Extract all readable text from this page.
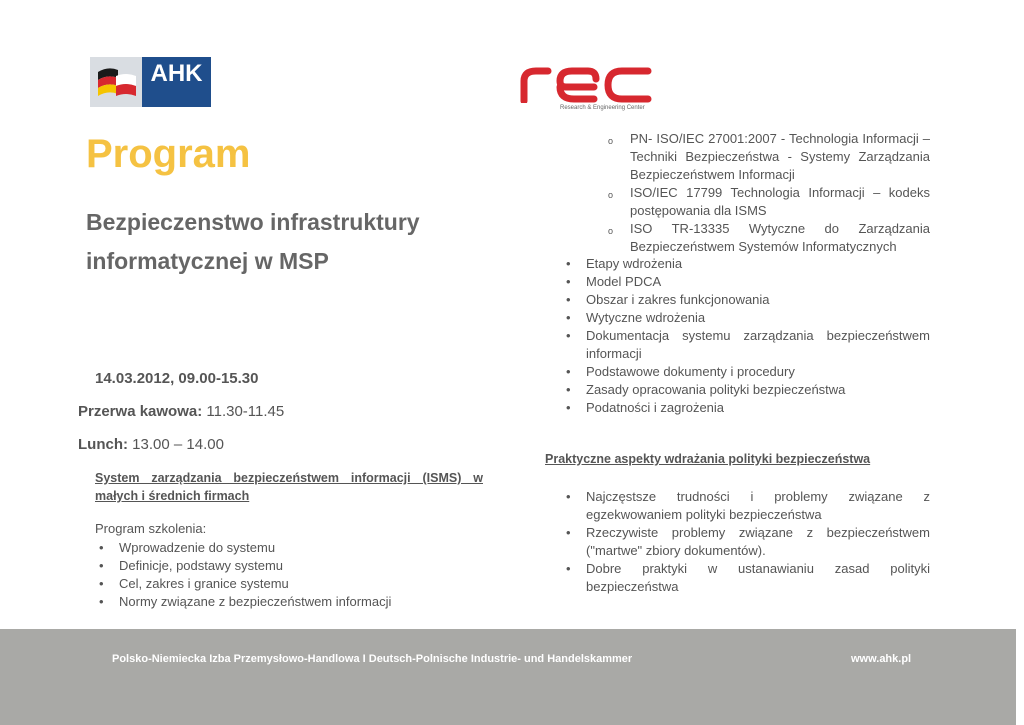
AHK
Research & Engineering Center
Program
Bezpieczenstwo infrastruktury informatycznej w MSP
14.03.2012, 09.00-15.30
Przerwa kawowa: 11.30-11.45
Lunch: 13.00 – 14.00
System zarządzania bezpieczeństwem informacji (ISMS) w
małych i średnich firmach
Program szkolenia:
• Wprowadzenie do systemu
• Definicje, podstawy systemu
• Cel, zakres i granice systemu
• Normy związane z bezpieczeństwem informacji
o PN- ISO/IEC 27001:2007 - Technologia Informacji – Techniki Bezpieczeństwa - Systemy Zarządzania Bezpieczeństwem Informacji
o ISO/IEC 17799 Technologia Informacji – kodeks postępowania dla ISMS
o ISO TR-13335 Wytyczne do Zarządzania Bezpieczeństwem Systemów Informatycznych
• Etapy wdrożenia
• Model PDCA
• Obszar i zakres funkcjonowania
• Wytyczne wdrożenia
• Dokumentacja systemu zarządzania bezpieczeństwem informacji
• Podstawowe dokumenty i procedury
• Zasady opracowania polityki bezpieczeństwa
• Podatności i zagrożenia
Praktyczne aspekty wdrażania polityki bezpieczeństwa
• Najczęstsze trudności i problemy związane z egzekwowaniem polityki bezpieczeństwa
• Rzeczywiste problemy związane z bezpieczeństwem ("martwe" zbiory dokumentów).
• Dobre praktyki w ustanawianiu zasad polityki bezpieczeństwa
Polsko-Niemiecka Izba Przemysłowo-Handlowa I Deutsch-Polnische Industrie- und Handelskammer	www.ahk.pl
